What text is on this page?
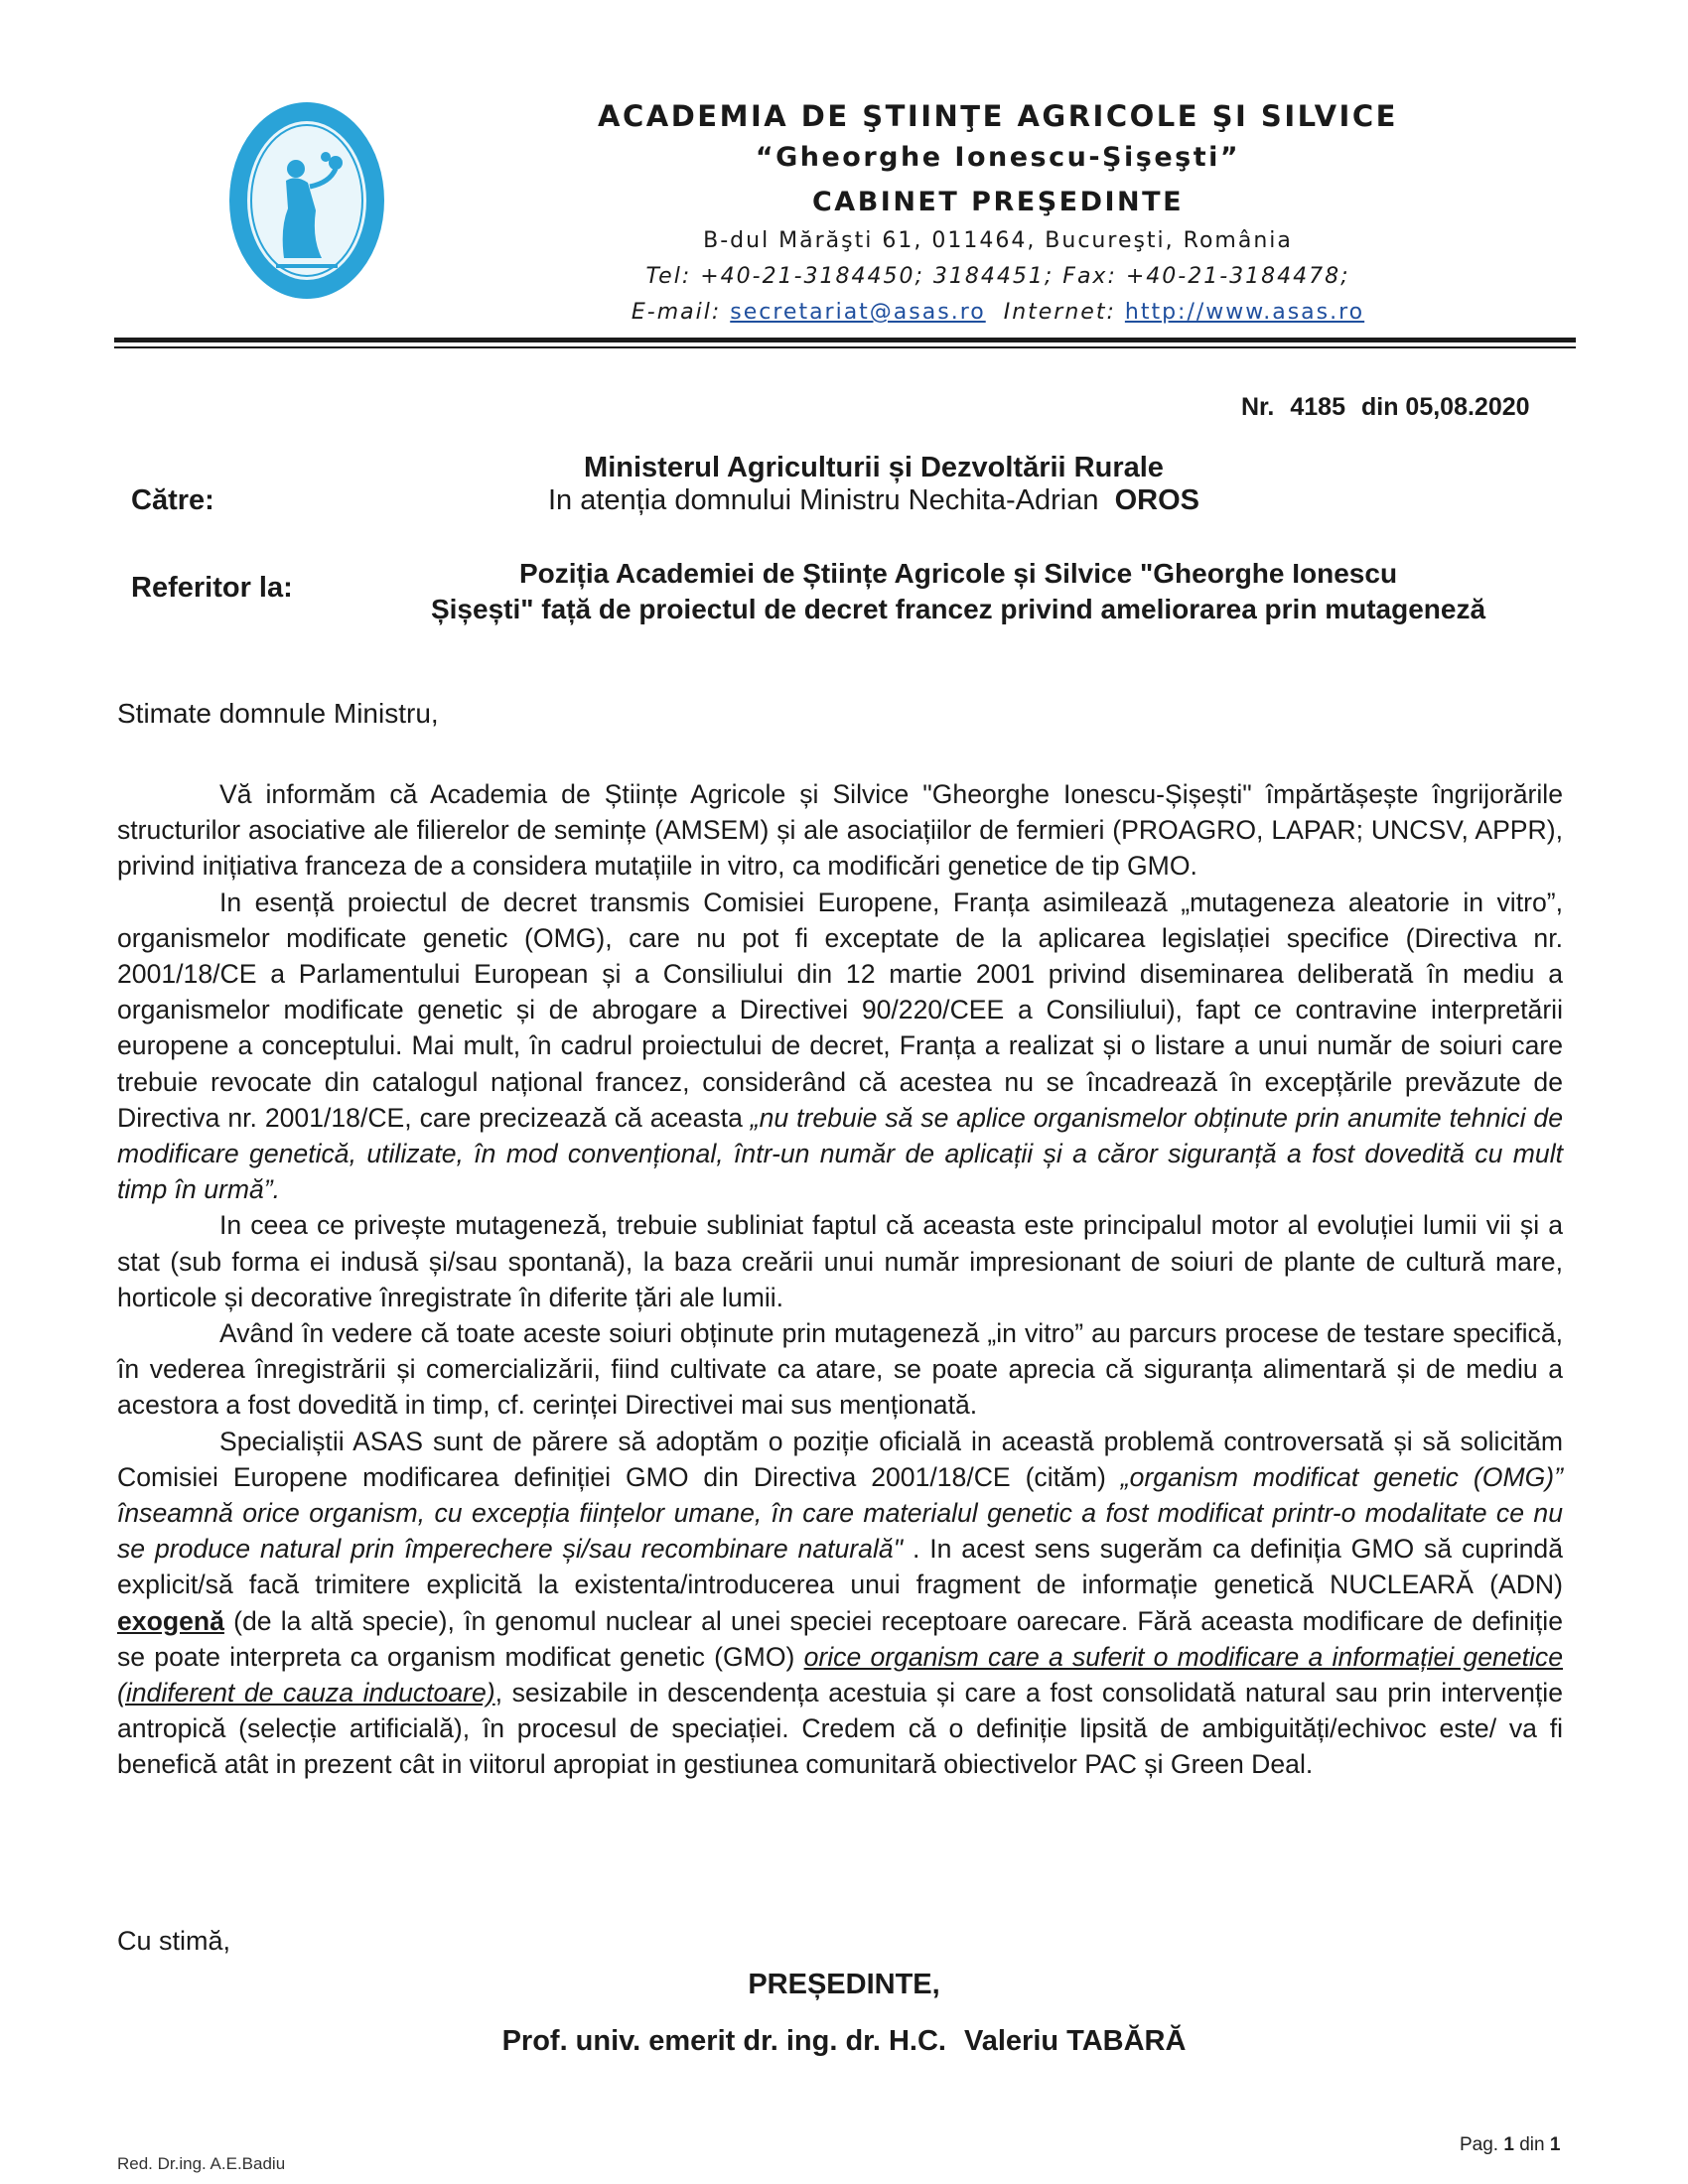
ACADEMIA DE ŞTIINŢE AGRICOLE ŞI SILVICE
“Gheorghe Ionescu-Şişeşti”
CABINET PREŞEDINTE
B-dul Mărăşti 61, 011464, Bucureşti, România
Tel: +40-21-3184450; 3184451; Fax: +40-21-3184478;
E-mail: secretariat@asas.ro Internet: http://www.asas.ro
Nr. 4185 din 05,08.2020
Către:
Ministerul Agriculturii și Dezvoltării Rurale
In atenția domnului Ministru Nechita-Adrian OROS
Referitor la:	Poziția Academiei de Științe Agricole și Silvice "Gheorghe Ionescu
Șișești" față de proiectul de decret francez privind ameliorarea prin mutageneză
Stimate domnule Ministru,

Vă informăm că Academia de Științe Agricole și Silvice "Gheorghe Ionescu-Șișești" împărtășește îngrijorările structurilor asociative ale filierelor de semințe (AMSEM) și ale asociațiilor de fermieri (PROAGRO, LAPAR; UNCSV, APPR), privind inițiativa franceza de a considera mutațiile in vitro, ca modificări genetice de tip GMO.

In esență proiectul de decret transmis Comisiei Europene, Franța asimilează „mutageneza aleatorie in vitro”, organismelor modificate genetic (OMG), care nu pot fi exceptate de la aplicarea legislației specifice (Directiva nr. 2001/18/CE a Parlamentului European și a Consiliului din 12 martie 2001 privind diseminarea deliberată în mediu a organismelor modificate genetic și de abrogare a Directivei 90/220/CEE a Consiliului), fapt ce contravine interpretării europene a conceptului. Mai mult, în cadrul proiectului de decret, Franța a realizat și o listare a unui număr de soiuri care trebuie revocate din catalogul național francez, considerând că acestea nu se încadrează în excepțările prevăzute de Directiva nr. 2001/18/CE, care precizează că aceasta „nu trebuie să se aplice organismelor obținute prin anumite tehnici de modificare genetică, utilizate, în mod convențional, într-un număr de aplicații și a căror siguranță a fost dovedită cu mult timp în urmă”.

In ceea ce privește mutageneză, trebuie subliniat faptul că aceasta este principalul motor al evoluției lumii vii și a stat (sub forma ei indusă și/sau spontană), la baza creării unui număr impresionant de soiuri de plante de cultură mare, horticole și decorative înregistrate în diferite țări ale lumii.

Având în vedere că toate aceste soiuri obținute prin mutageneză „in vitro” au parcurs procese de testare specifică, în vederea înregistrării și comercializării, fiind cultivate ca atare, se poate aprecia că siguranța alimentară și de mediu a acestora a fost dovedită in timp, cf. cerinței Directivei mai sus menționată.

Specialiștii ASAS sunt de părere să adoptăm o poziție oficială in această problemă controversată și să solicităm Comisiei Europene modificarea definiției GMO din Directiva 2001/18/CE (cităm) „organism modificat genetic (OMG)” înseamnă orice organism, cu excepția ființelor umane, în care materialul genetic a fost modificat printr-o modalitate ce nu se produce natural prin împerechere și/sau recombinare naturală" . In acest sens sugerăm ca definiția GMO să cuprindă explicit/să facă trimitere explicită la existenta/introducerea unui fragment de informație genetică NUCLEARĂ (ADN) exogenă (de la altă specie), în genomul nuclear al unei speciei receptoare oarecare. Fără aceasta modificare de definiție se poate interpreta ca organism modificat genetic (GMO) orice organism care a suferit o modificare a informației genetice (indiferent de cauza inductoare), sesizabile in descendența acestuia și care a fost consolidată natural sau prin intervenție antropică (selecție artificială), în procesul de speciației. Credem că o definiție lipsită de ambiguități/echivoc este/ va fi benefică atât in prezent cât in viitorul apropiat in gestiunea comunitară obiectivelor PAC și Green Deal.

Cu stimă,
PREȘEDINTE,
Prof. univ. emerit dr. ing. dr. H.C. Valeriu TABĂRĂ
Red. Dr.ing. A.E.Badiu
Pag. 1 din 1
